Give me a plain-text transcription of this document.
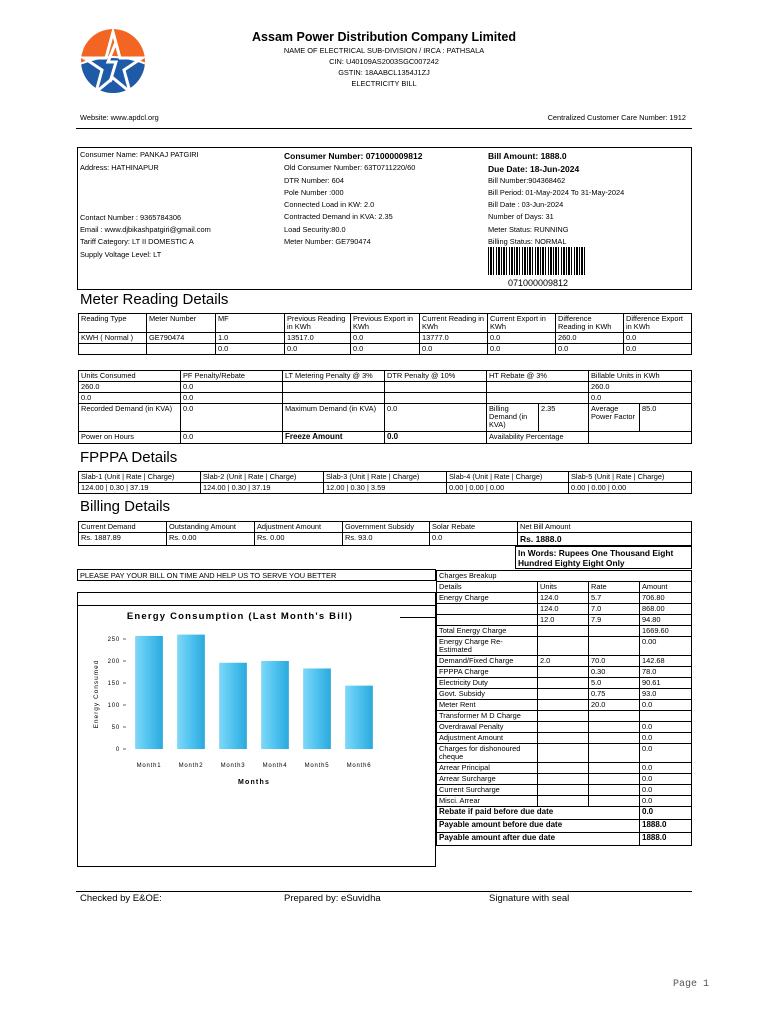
Assam Power Distribution Company Limited
NAME OF ELECTRICAL SUB-DIVISION / IRCA : PATHSALA
CIN: U40109AS2003SGC007242
GSTIN: 18AABCL1354J1ZJ
ELECTRICITY BILL
Website: www.apdcl.org	Centralized Customer Care Number: 1912
Consumer Name: PANKAJ PATGIRI
Address: HATHINAPUR
Contact Number : 9365784306
Email : www.djbikashpatgiri@gmail.com
Tariff Category: LT II DOMESTIC A
Supply Voltage Level: LT
Consumer Number: 071000009812
Old Consumer Number: 63T0711220/60
DTR Number: 604
Pole Number :000
Connected Load in KW: 2.0
Contracted Demand in KVA: 2.35
Load Security:80.0
Meter Number: GE790474
Bill Amount: 1888.0
Due Date: 18-Jun-2024
Bill Number:904368462
Bill Period: 01-May-2024 To 31-May-2024
Bill Date : 03-Jun-2024
Number of Days: 31
Meter Status: RUNNING
Billing Status: NORMAL
071000009812
Meter Reading Details
Reading Type	Meter Number	MF	Previous Reading in KWh	Previous Export in KWh	Current Reading in KWh	Current Export in KWh	Difference Reading in KWh	Difference Export in KWh
KWH ( Normal )	GE790474	1.0	13517.0	0.0	13777.0	0.0	260.0	0.0
		0.0	0.0	0.0	0.0	0.0	0.0	0.0
Units Consumed	PF Penalty/Rebate	LT Metering Penalty @ 3%	DTR Penalty @ 10%	HT Rebate @ 3%		Billable Units in KWh	
260.0	0.0					260.0	
0.0	0.0					0.0	
Recorded Demand (in KVA)	0.0	Maximum Demand (in KVA)	0.0	Billing Demand (in KVA)	2.35	Average Power Factor	85.0
Power on Hours	0.0	Freeze Amount	0.0	Availability Percentage			
FPPPA Details
Slab-1 (Unit | Rate | Charge)	Slab-2 (Unit | Rate | Charge)	Slab-3 (Unit | Rate | Charge)	Slab-4 (Unit | Rate | Charge)	Slab-5 (Unit | Rate | Charge)
124.00 | 0.30 | 37.19	124.00 | 0.30 | 37.19	12.00 | 0.30 | 3.59	0.00 | 0.00 | 0.00	0.00 | 0.00 | 0.00
Billing Details
Current Demand	Outstanding Amount	Adjustment Amount	Government Subsidy	Solar Rebate	Net Bill Amount
Rs. 1887.89	Rs. 0.00	Rs. 0.00	Rs. 93.0	0.0	Rs. 1888.0
In Words: Rupees One Thousand Eight Hundred Eighty Eight Only
PLEASE PAY YOUR BILL ON TIME AND HELP US TO SERVE YOU BETTER
Energy Consumption (Last Month's Bill)
Energy Consumed
0
50
100
150
200
250
Month1	Month2	Month3	Month4	Month5	Month6
Months
Charges Breakup			
Details	Units	Rate	Amount
Energy Charge	124.0	5.7	706.80
	124.0	7.0	868.00
	12.0	7.9	94.80
Total Energy Charge			1669.60
Energy Charge Re-Estimated			0.00
Demand/Fixed Charge	2.0	70.0	142.68
FPPPA Charge		0.30	78.0
Electricity Duty		5.0	90.61
Govt. Subsidy		0.75	93.0
Meter Rent		20.0	0.0
Transformer M D Charge			
Overdrawal Penalty			0.0
Adjustment Amount			0.0
Charges for dishonoured cheque			0.0
Arrear Principal			0.0
Arrear Surcharge			0.0
Current Surcharge			0.0
Misci. Arrear			0.0
Rebate if paid before due date			0.0
Payable amount before due date			1888.0
Payable amount after due date			1888.0
Checked by E&OE:	Prepared by: eSuvidha	Signature with seal
Page 1
